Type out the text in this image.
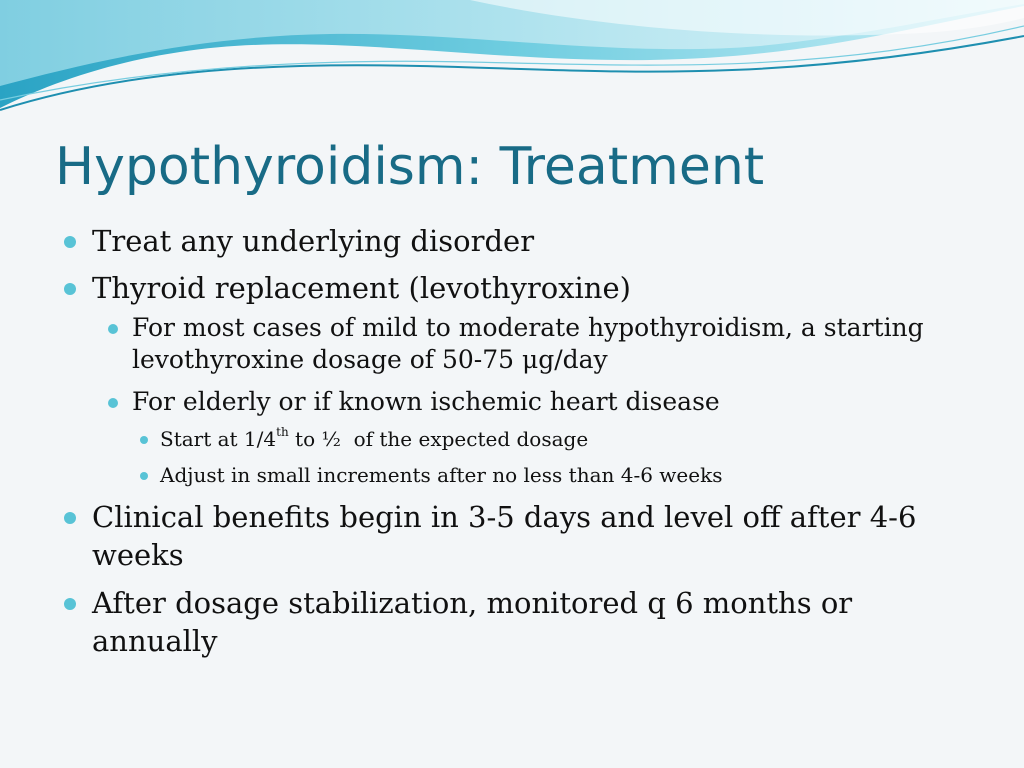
Hypothyroidism: Treatment
Treat any underlying disorder
Thyroid replacement (levothyroxine)
For most cases of mild to moderate hypothyroidism, a starting levothyroxine dosage of 50-75 μg/day
For elderly or if known ischemic heart disease
Start at 1/4th to ½  of the expected dosage
Adjust in small increments after no less than 4-6 weeks
Clinical benefits begin in 3-5 days and level off after 4-6 weeks
After dosage stabilization, monitored q 6 months or annually
